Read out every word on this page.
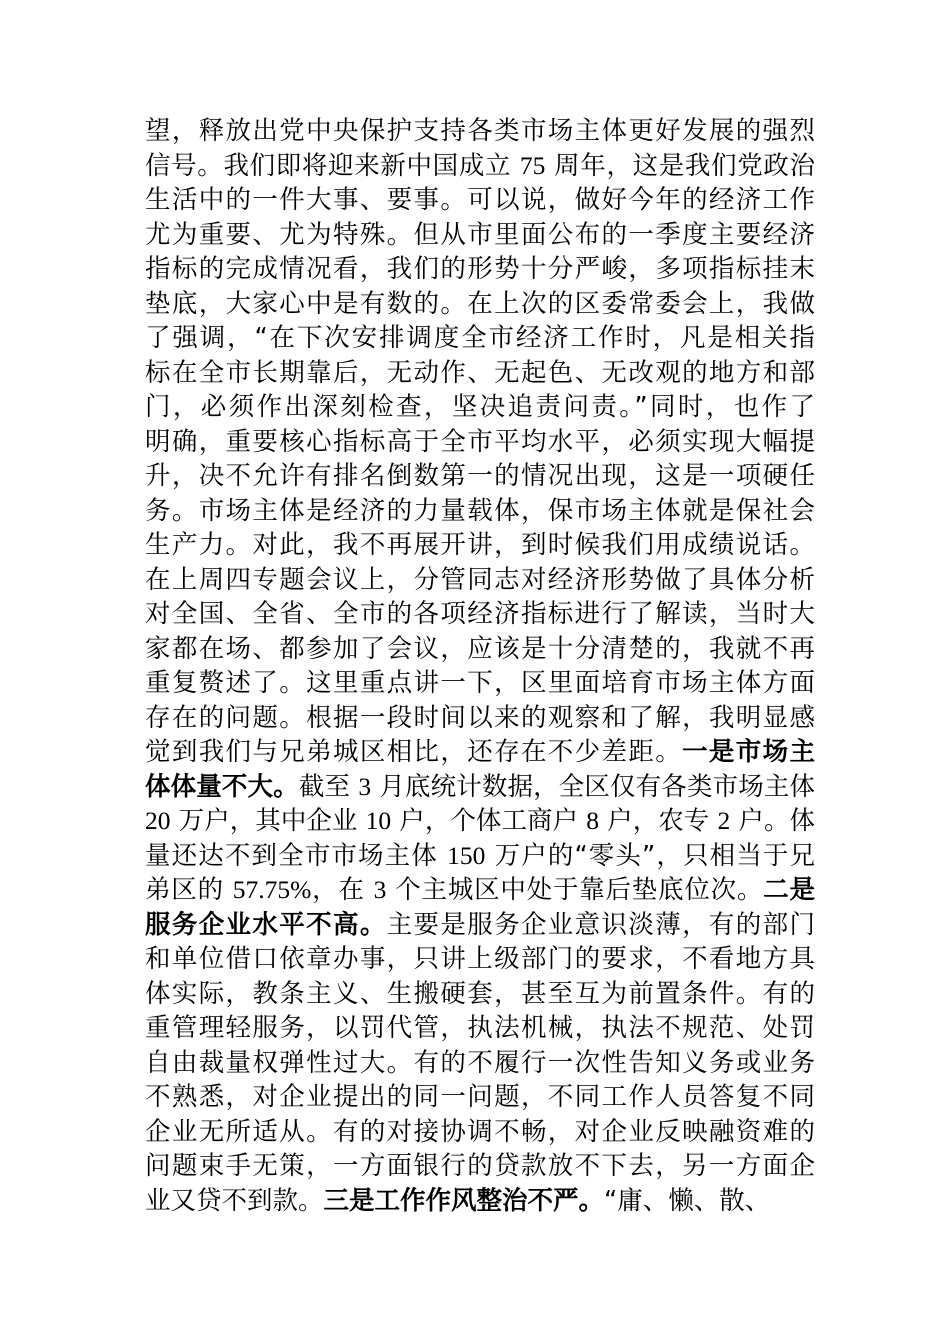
望，释放出党中央保护支持各类市场主体更好发展的强烈
信号。我们即将迎来新中国成立 75 周年，这是我们党政治
生活中的一件大事、要事。可以说，做好今年的经济工作
尤为重要、尤为特殊。但从市里面公布的一季度主要经济
指标的完成情况看，我们的形势十分严峻，多项指标挂末
垫底，大家心中是有数的。在上次的区委常委会上，我做
了强调，“在下次安排调度全市经济工作时，凡是相关指
标在全市长期靠后，无动作、无起色、无改观的地方和部
门，必须作出深刻检查，坚决追责问责。”同时，也作了
明确，重要核心指标高于全市平均水平，必须实现大幅提
升，决不允许有排名倒数第一的情况出现，这是一项硬任
务。市场主体是经济的力量载体，保市场主体就是保社会
生产力。对此，我不再展开讲，到时候我们用成绩说话。
在上周四专题会议上，分管同志对经济形势做了具体分析
对全国、全省、全市的各项经济指标进行了解读，当时大
家都在场、都参加了会议，应该是十分清楚的，我就不再
重复赘述了。这里重点讲一下，区里面培育市场主体方面
存在的问题。根据一段时间以来的观察和了解，我明显感
觉到我们与兄弟城区相比，还存在不少差距。一是市场主
体体量不大。截至 3 月底统计数据，全区仅有各类市场主体
20 万户，其中企业 10 户，个体工商户 8 户，农专 2 户。体
量还达不到全市市场主体 150 万户的“零头”，只相当于兄
弟区的 57.75%，在 3 个主城区中处于靠后垫底位次。二是
服务企业水平不高。主要是服务企业意识淡薄，有的部门
和单位借口依章办事，只讲上级部门的要求，不看地方具
体实际，教条主义、生搬硬套，甚至互为前置条件。有的
重管理轻服务，以罚代管，执法机械，执法不规范、处罚
自由裁量权弹性过大。有的不履行一次性告知义务或业务
不熟悉，对企业提出的同一问题，不同工作人员答复不同
企业无所适从。有的对接协调不畅，对企业反映融资难的
问题束手无策，一方面银行的贷款放不下去，另一方面企
业又贷不到款。三是工作作风整治不严。“庸、懒、散、
